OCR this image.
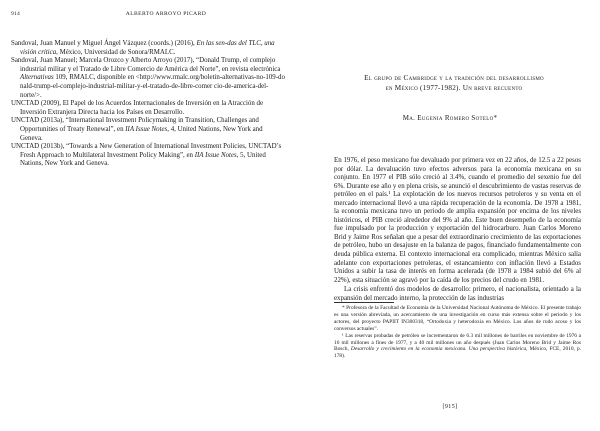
914	ALBERTO ARROYO PICARD
Sandoval, Juan Manuel y Miguel Ángel Vázquez (coords.) (2016), En las sen-das del TLC, una visión crítica, México, Universidad de Sonora/RMALC.
Sandoval, Juan Manuel; Marcela Orozco y Alberto Arroyo (2017), “Donald Trump, el complejo industrial militar y el Tratado de Libre Comercio de América del Norte”, en revista electrónica Alternativas 109, RMALC, disponible en <http://www.rmalc.org/boletin-alternativas-no-109-do nald-trump-el-complejo-industrial-militar-y-el-tratado-de-libre-comer cio-de-america-del-norte/>.
UNCTAD (2009), El Papel de los Acuerdos Internacionales de Inversión en la Atracción de Inversión Extranjera Directa hacia los Países en Desarrollo.
UNCTAD (2013a), “International Investment Policymaking in Transition, Challenges and Opportunities of Treaty Renewal”, en IIA Issue Notes, 4, United Nations, New York and Geneva.
UNCTAD (2013b), “Towards a New Generation of International Investment Policies, UNCTAD’s Fresh Approach to Multilateral Investment Policy Making”, en IIA Issue Notes, 5, United Nations, New York and Geneva.
El grupo de Cambridge y la tradición del desarrollismo
en México (1977-1982). Un breve recuento
Ma. Eugenia Romero Sotelo*

En 1976, el peso mexicano fue devaluado por primera vez en 22 años, de 12.5 a 22 pesos por dólar. La devaluación tuvo efectos adversos para la economía mexicana en su conjunto. En 1977 el PIB sólo creció al 3.4%, cuando el promedio del sexenio fue del 6%. Durante ese año y en plena crisis, se anunció el descubrimiento de vastas reservas de petróleo en el país.¹ La explotación de los nuevos recursos petroleros y su venta en el mercado internacional llevó a una rápida recuperación de la economía. De 1978 a 1981, la economía mexicana tuvo un periodo de amplia expansión por encima de los niveles históricos, el PIB creció alrededor del 9% al año. Este buen desempeño de la economía fue impulsado por la producción y exportación del hidrocarburo. Juan Carlos Moreno Brid y Jaime Ros señalan que a pesar del extraordinario crecimiento de las exportaciones de petróleo, hubo un desajuste en la balanza de pagos, financiado fundamentalmente con deuda pública externa. El contexto internacional era complicado, mientras México salía adelante con exportaciones petroleras, el estancamiento con inflación llevó a Estados Unidos a subir la tasa de interés en forma acelerada (de 1978 a 1984 subió del 6% al 22%), esta situación se agravó por la caída de los precios del crudo en 1981.

La crisis enfrentó dos modelos de desarrollo: primero, el nacionalista, orientado a la expansión del mercado interno, la protección de las industrias

* Profesora de la Facultad de Economía de la Universidad Nacional Autónoma de México. El presente trabajo es una versión abreviada, un acercamiento de una investigación en curso más extensa sobre el periodo y los actores, del proyecto PAPIIT IN300318, “Ortodoxia y heterodoxia en México. Los años de rudo acoso y los conversos actuales”.

¹ Las reservas probadas de petróleo se incrementaron de 6.3 mil millones de barriles en noviembre de 1976 a 16 mil millones a fines de 1977, y a 40 mil millones un año después (Juan Carlos Moreno Brid y Jaime Ros Bosch, Desarrollo y crecimiento en la economía mexicana. Una perspectiva histórica, México, FCE, 2010, p. 178).

[915]
